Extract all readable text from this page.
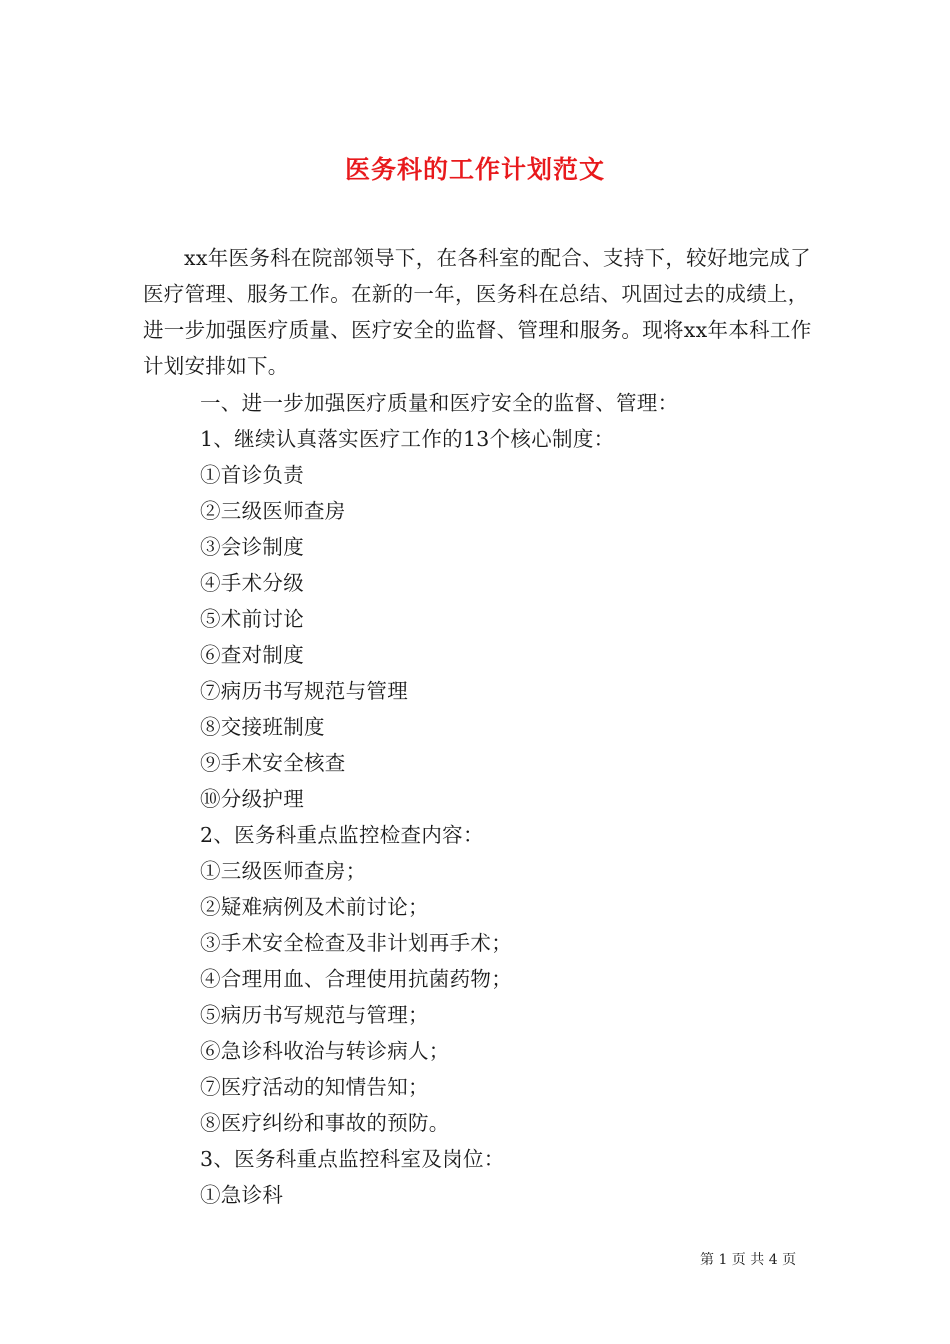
医务科的工作计划范文

xx年医务科在院部领导下，在各科室的配合、支持下，较好地完成了医疗管理、服务工作。在新的一年，医务科在总结、巩固过去的成绩上，进一步加强医疗质量、医疗安全的监督、管理和服务。现将xx年本科工作计划安排如下。

一、进一步加强医疗质量和医疗安全的监督、管理：
1、继续认真落实医疗工作的13个核心制度：
①首诊负责
②三级医师查房
③会诊制度
④手术分级
⑤术前讨论
⑥查对制度
⑦病历书写规范与管理
⑧交接班制度
⑨手术安全核查
⑩分级护理
2、医务科重点监控检查内容：
①三级医师查房；
②疑难病例及术前讨论；
③手术安全检查及非计划再手术；
④合理用血、合理使用抗菌药物；
⑤病历书写规范与管理；
⑥急诊科收治与转诊病人；
⑦医疗活动的知情告知；
⑧医疗纠纷和事故的预防。
3、医务科重点监控科室及岗位：
①急诊科
第 1 页 共 4 页
